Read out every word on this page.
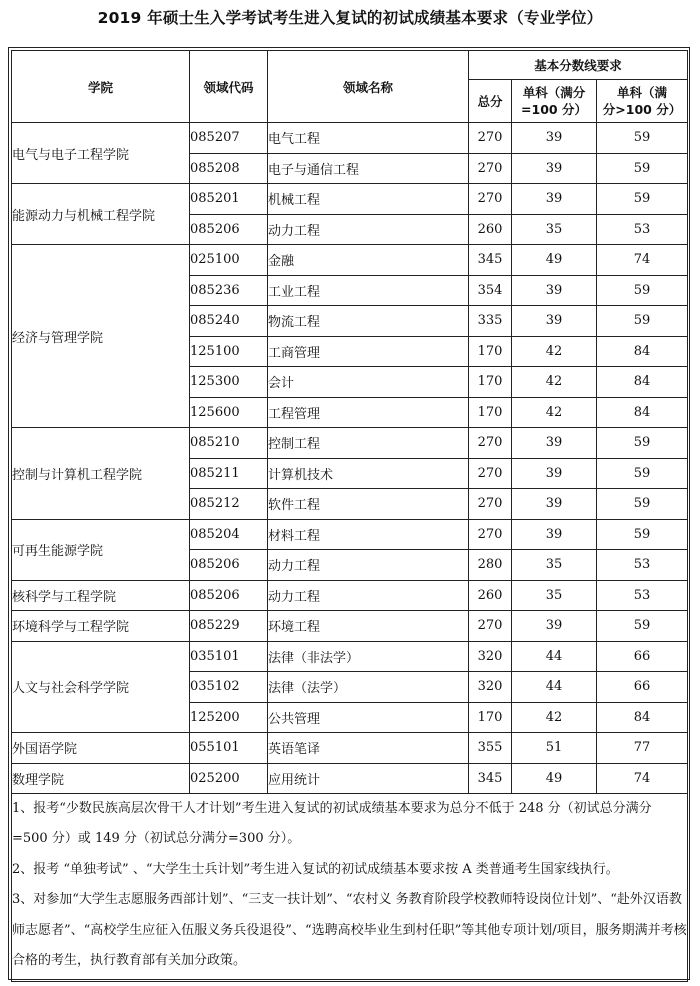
2019 年硕士生入学考试考生进入复试的初试成绩基本要求（专业学位）
学院	领域代码	领域名称	基本分数线要求		
			总分	单科（满分
=100 分）	单科（满
分>100 分）
电气与电子工程学院	085207	电气工程	270	39	59
	085208	电子与通信工程	270	39	59
能源动力与机械工程学院	085201	机械工程	270	39	59
	085206	动力工程	260	35	53
经济与管理学院	025100	金融	345	49	74
	085236	工业工程	354	39	59
	085240	物流工程	335	39	59
	125100	工商管理	170	42	84
	125300	会计	170	42	84
	125600	工程管理	170	42	84
控制与计算机工程学院	085210	控制工程	270	39	59
	085211	计算机技术	270	39	59
	085212	软件工程	270	39	59
可再生能源学院	085204	材料工程	270	39	59
	085206	动力工程	280	35	53
核科学与工程学院	085206	动力工程	260	35	53
环境科学与工程学院	085229	环境工程	270	39	59
人文与社会科学学院	035101	法律（非法学）	320	44	66
	035102	法律（法学）	320	44	66
	125200	公共管理	170	42	84
外国语学院	055101	英语笔译	355	51	77
数理学院	025200	应用统计	345	49	74

1、报考“少数民族高层次骨干人才计划”考生进入复试的初试成绩基本要求为总分不低于 248 分（初试总分满分=500 分）或 149 分（初试总分满分=300 分）。
2、报考 “单独考试” 、“大学生士兵计划”考生进入复试的初试成绩基本要求按 A 类普通考生国家线执行。
3、对参加“大学生志愿服务西部计划”、“三支一扶计划”、“农村义 务教育阶段学校教师特设岗位计划”、“赴外汉语教师志愿者”、“高校学生应征入伍服义务兵役退役”、“选聘高校毕业生到村任职”等其他专项计划/项目，服务期满并考核合格的考生，执行教育部有关加分政策。					
